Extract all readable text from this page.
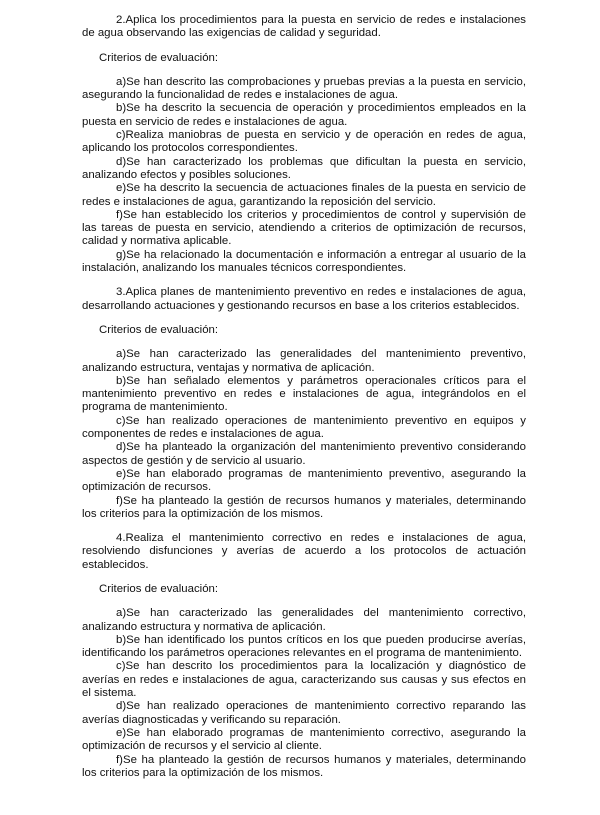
2.Aplica los procedimientos para la puesta en servicio de redes e instalaciones de agua observando las exigencias de calidad y seguridad.

Criterios de evaluación:

a)Se han descrito las comprobaciones y pruebas previas a la puesta en servicio, asegurando la funcionalidad de redes e instalaciones de agua.

b)Se ha descrito la secuencia de operación y procedimientos empleados en la puesta en servicio de redes e instalaciones de agua.

c)Realiza maniobras de puesta en servicio y de operación en redes de agua, aplicando los protocolos correspondientes.

d)Se han caracterizado los problemas que dificultan la puesta en servicio, analizando efectos y posibles soluciones.

e)Se ha descrito la secuencia de actuaciones finales de la puesta en servicio de redes e instalaciones de agua, garantizando la reposición del servicio.

f)Se han establecido los criterios y procedimientos de control y supervisión de las tareas de puesta en servicio, atendiendo a criterios de optimización de recursos, calidad y normativa aplicable.

g)Se ha relacionado la documentación e información a entregar al usuario de la instalación, analizando los manuales técnicos correspondientes.

3.Aplica planes de mantenimiento preventivo en redes e instalaciones de agua, desarrollando actuaciones y gestionando recursos en base a los criterios establecidos.

Criterios de evaluación:

a)Se han caracterizado las generalidades del mantenimiento preventivo, analizando estructura, ventajas y normativa de aplicación.

b)Se han señalado elementos y parámetros operacionales críticos para el mantenimiento preventivo en redes e instalaciones de agua, integrándolos en el programa de mantenimiento.

c)Se han realizado operaciones de mantenimiento preventivo en equipos y componentes de redes e instalaciones de agua.

d)Se ha planteado la organización del mantenimiento preventivo considerando aspectos de gestión y de servicio al usuario.

e)Se han elaborado programas de mantenimiento preventivo, asegurando la optimización de recursos.

f)Se ha planteado la gestión de recursos humanos y materiales, determinando los criterios para la optimización de los mismos.

4.Realiza el mantenimiento correctivo en redes e instalaciones de agua, resolviendo disfunciones y averías de acuerdo a los protocolos de actuación establecidos.

Criterios de evaluación:

a)Se han caracterizado las generalidades del mantenimiento correctivo, analizando estructura y normativa de aplicación.

b)Se han identificado los puntos críticos en los que pueden producirse averías, identificando los parámetros operaciones relevantes en el programa de mantenimiento.

c)Se han descrito los procedimientos para la localización y diagnóstico de averías en redes e instalaciones de agua, caracterizando sus causas y sus efectos en el sistema.

d)Se han realizado operaciones de mantenimiento correctivo reparando las averías diagnosticadas y verificando su reparación.

e)Se han elaborado programas de mantenimiento correctivo, asegurando la optimización de recursos y el servicio al cliente.

f)Se ha planteado la gestión de recursos humanos y materiales, determinando los criterios para la optimización de los mismos.
